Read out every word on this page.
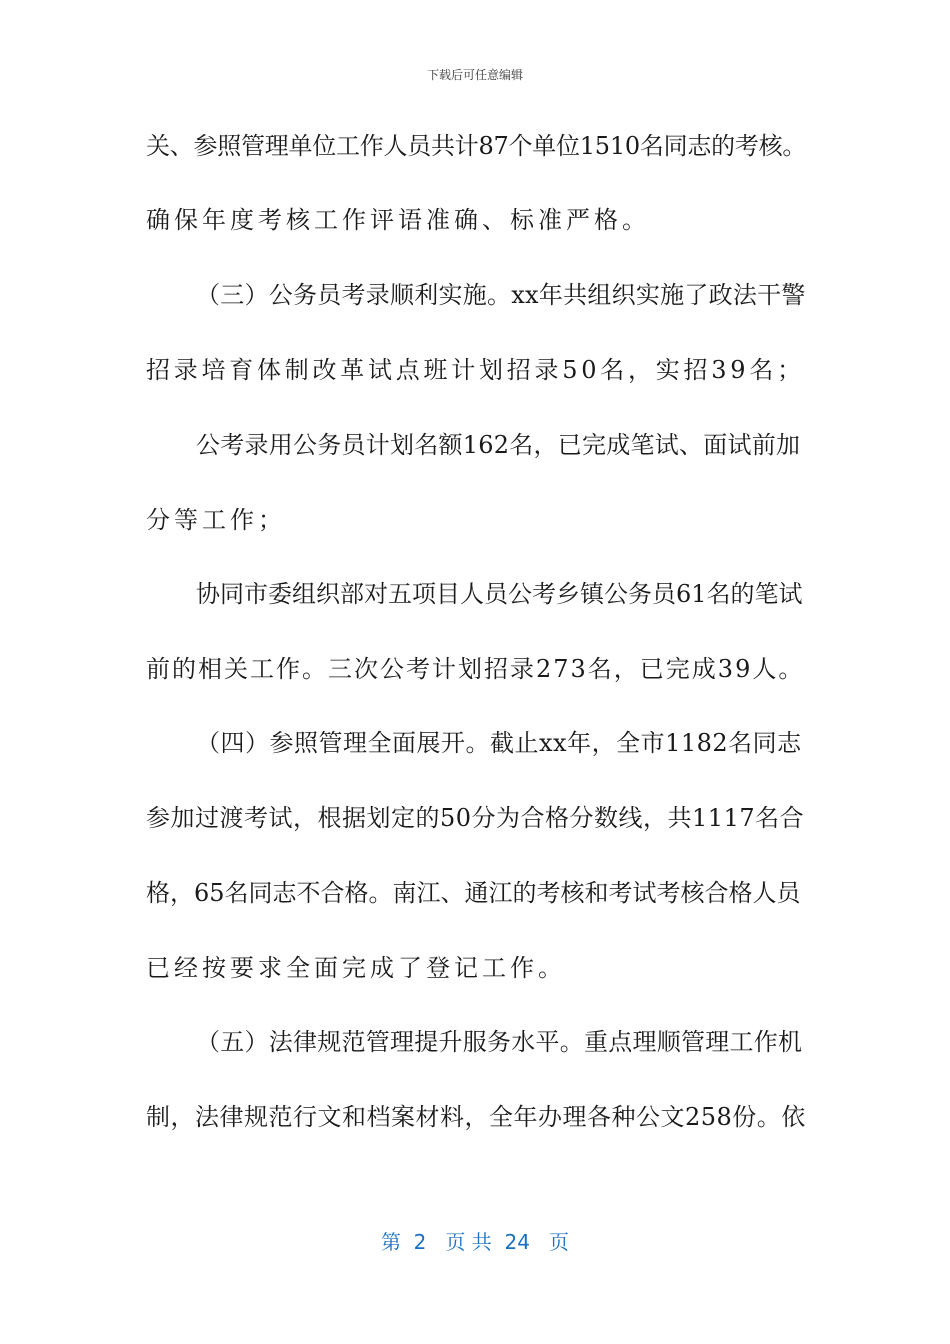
下载后可任意编辑
关、参照管理单位工作人员共计87个单位1510名同志的考核。
确保年度考核工作评语准确、标准严格。
（三）公务员考录顺利实施。xx年共组织实施了政法干警
招录培育体制改革试点班计划招录50名，实招39名；
公考录用公务员计划名额162名，已完成笔试、面试前加
分等工作；
协同市委组织部对五项目人员公考乡镇公务员61名的笔试
前的相关工作。三次公考计划招录273名，已完成39人。
（四）参照管理全面展开。截止xx年，全市1182名同志
参加过渡考试，根据划定的50分为合格分数线，共1117名合
格，65名同志不合格。南江、通江的考核和考试考核合格人员
已经按要求全面完成了登记工作。
（五）法律规范管理提升服务水平。重点理顺管理工作机
制，法律规范行文和档案材料，全年办理各种公文258份。依
第  2   页 共  24   页
